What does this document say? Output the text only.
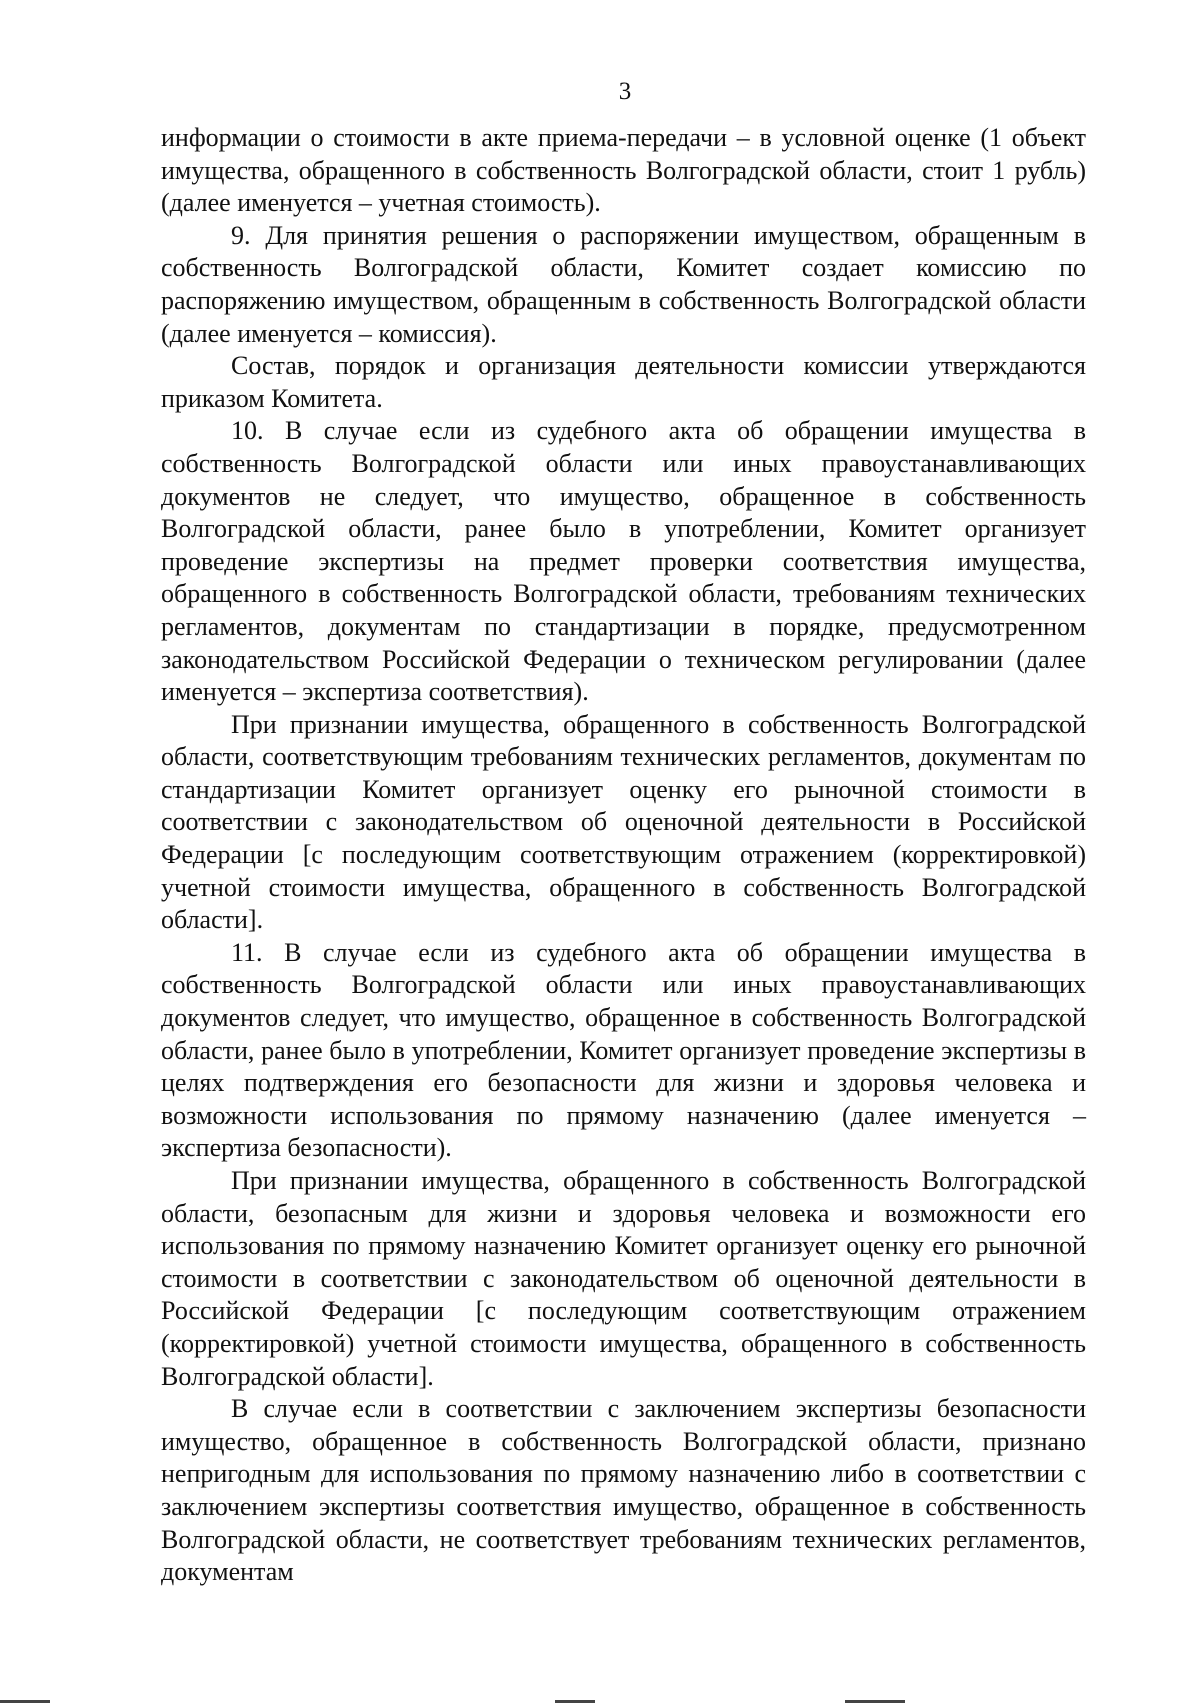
3

информации о стоимости в акте приема-передачи – в условной оценке (1 объект имущества, обращенного в собственность Волгоградской области, стоит 1 рубль) (далее именуется – учетная стоимость).

9. Для принятия решения о распоряжении имуществом, обращенным в собственность Волгоградской области, Комитет создает комиссию по распоряжению имуществом, обращенным в собственность Волгоградской области (далее именуется – комиссия).

Состав, порядок и организация деятельности комиссии утверждаются приказом Комитета.

10. В случае если из судебного акта об обращении имущества в собственность Волгоградской области или иных правоустанавливающих документов не следует, что имущество, обращенное в собственность Волгоградской области, ранее было в употреблении, Комитет организует проведение экспертизы на предмет проверки соответствия имущества, обращенного в собственность Волгоградской области, требованиям технических регламентов, документам по стандартизации в порядке, предусмотренном законодательством Российской Федерации о техническом регулировании (далее именуется – экспертиза соответствия).

При признании имущества, обращенного в собственность Волгоградской области, соответствующим требованиям технических регламентов, документам по стандартизации Комитет организует оценку его рыночной стоимости в соответствии с законодательством об оценочной деятельности в Российской Федерации [с последующим соответствующим отражением (корректировкой) учетной стоимости имущества, обращенного в собственность Волгоградской области].

11. В случае если из судебного акта об обращении имущества в собственность Волгоградской области или иных правоустанавливающих документов следует, что имущество, обращенное в собственность Волгоградской области, ранее было в употреблении, Комитет организует проведение экспертизы в целях подтверждения его безопасности для жизни и здоровья человека и возможности использования по прямому назначению (далее именуется – экспертиза безопасности).

При признании имущества, обращенного в собственность Волгоградской области, безопасным для жизни и здоровья человека и возможности его использования по прямому назначению Комитет организует оценку его рыночной стоимости в соответствии с законодательством об оценочной деятельности в Российской Федерации [с последующим соответствующим отражением (корректировкой) учетной стоимости имущества, обращенного в собственность Волгоградской области].

В случае если в соответствии с заключением экспертизы безопасности имущество, обращенное в собственность Волгоградской области, признано непригодным для использования по прямому назначению либо в соответствии с заключением экспертизы соответствия имущество, обращенное в собственность Волгоградской области, не соответствует требованиям технических регламентов, документам
